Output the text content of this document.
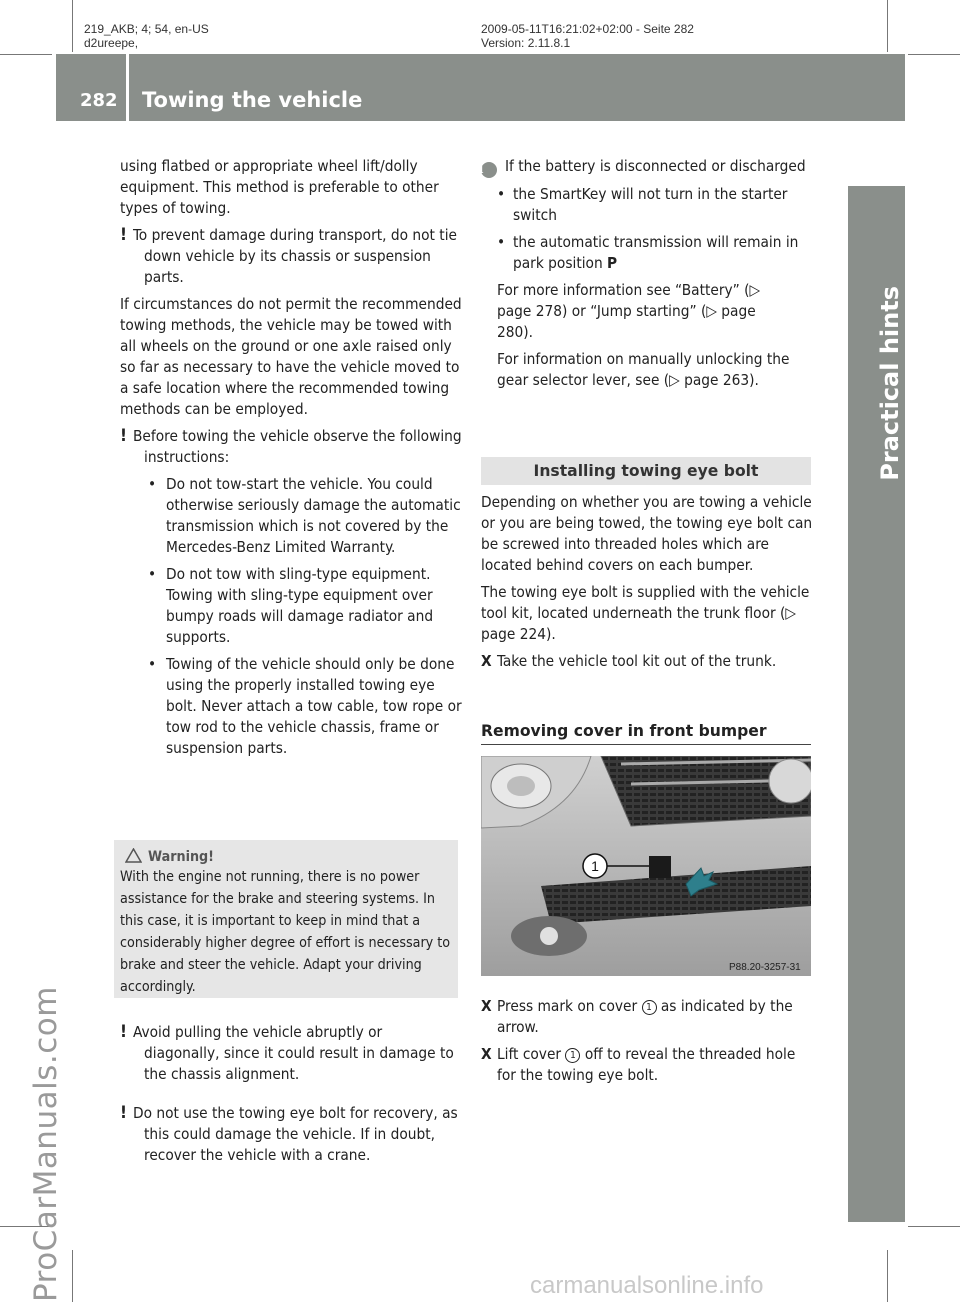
219_AKB; 4; 54, en-US
d2ureepe,
2009-05-11T16:21:02+02:00 - Seite 282
Version: 2.11.8.1
282 Towing the vehicle
Practical hints
ProCarManuals.com	carmanualsonline.info

using flatbed or appropriate wheel lift/dolly equipment. This method is preferable to other types of towing.

! To prevent damage during transport, do not tie down vehicle by its chassis or suspension parts.

If circumstances do not permit the recommended towing methods, the vehicle may be towed with all wheels on the ground or one axle raised only so far as necessary to have the vehicle moved to a safe location where the recommended towing methods can be employed.

! Before towing the vehicle observe the following instructions:
• Do not tow-start the vehicle. You could otherwise seriously damage the automatic transmission which is not covered by the Mercedes-Benz Limited Warranty.
• Do not tow with sling-type equipment. Towing with sling-type equipment over bumpy roads will damage radiator and supports.
• Towing of the vehicle should only be done using the properly installed towing eye bolt. Never attach a tow cable, tow rope or tow rod to the vehicle chassis, frame or suspension parts.
Warning!
With the engine not running, there is no power assistance for the brake and steering systems. In this case, it is important to keep in mind that a considerably higher degree of effort is necessary to brake and steer the vehicle. Adapt your driving accordingly.
! Avoid pulling the vehicle abruptly or diagonally, since it could result in damage to the chassis alignment.
! Do not use the towing eye bolt for recovery, as this could damage the vehicle. If in doubt, recover the vehicle with a crane.
i If the battery is disconnected or discharged
• the SmartKey will not turn in the starter switch
• the automatic transmission will remain in park position P

For more information see “Battery” (▷ page 278) or “Jump starting” (▷ page 280).

For information on manually unlocking the gear selector lever, see (▷ page 263).

Installing towing eye bolt

Depending on whether you are towing a vehicle or you are being towed, the towing eye bolt can be screwed into threaded holes which are located behind covers on each bumper.

The towing eye bolt is supplied with the vehicle tool kit, located underneath the trunk floor (▷ page 224).

X Take the vehicle tool kit out of the trunk.
Removing cover in front bumper
1
P88.20-3257-31
X Press mark on cover 1 as indicated by the arrow.
X Lift cover 1 off to reveal the threaded hole for the towing eye bolt.
